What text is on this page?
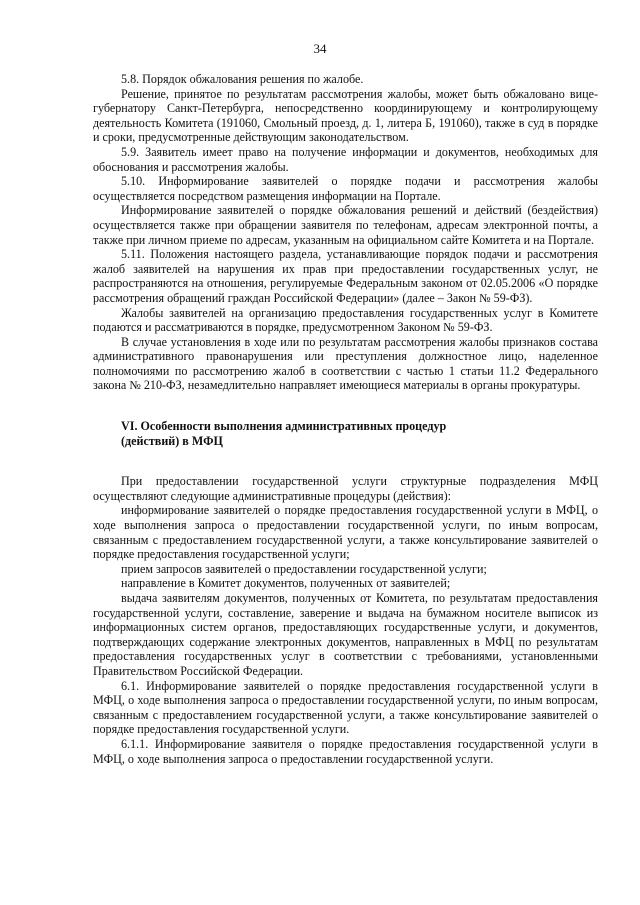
34

5.8. Порядок обжалования решения по жалобе.

Решение, принятое по результатам рассмотрения жалобы, может быть обжаловано вице-губернатору Санкт-Петербурга, непосредственно координирующему и контролирующему деятельность Комитета (191060, Смольный проезд, д. 1, литера Б, 191060), также в суд в порядке и сроки, предусмотренные действующим законодательством.

5.9. Заявитель имеет право на получение информации и документов, необходимых для обоснования и рассмотрения жалобы.

5.10. Информирование заявителей о порядке подачи и рассмотрения жалобы осуществляется посредством размещения информации на Портале.

Информирование заявителей о порядке обжалования решений и действий (бездействия) осуществляется также при обращении заявителя по телефонам, адресам электронной почты, а также при личном приеме по адресам, указанным на официальном сайте Комитета и на Портале.

5.11. Положения настоящего раздела, устанавливающие порядок подачи и рассмотрения жалоб заявителей на нарушения их прав при предоставлении государственных услуг, не распространяются на отношения, регулируемые Федеральным законом от 02.05.2006 «О порядке рассмотрения обращений граждан Российской Федерации» (далее – Закон № 59-ФЗ).

Жалобы заявителей на организацию предоставления государственных услуг в Комитете подаются и рассматриваются в порядке, предусмотренном Законом № 59-ФЗ.

В случае установления в ходе или по результатам рассмотрения жалобы признаков состава административного правонарушения или преступления должностное лицо, наделенное полномочиями по рассмотрению жалоб в соответствии с частью 1 статьи 11.2 Федерального закона № 210-ФЗ, незамедлительно направляет имеющиеся материалы в органы прокуратуры.

VI. Особенности выполнения административных процедур

(действий) в МФЦ

При предоставлении государственной услуги структурные подразделения МФЦ осуществляют следующие административные процедуры (действия):

информирование заявителей о порядке предоставления государственной услуги в МФЦ, о ходе выполнения запроса о предоставлении государственной услуги, по иным вопросам, связанным с предоставлением государственной услуги, а также консультирование заявителей о порядке предоставления государственной услуги;

прием запросов заявителей о предоставлении государственной услуги;

направление в Комитет документов, полученных от заявителей;

выдача заявителям документов, полученных от Комитета, по результатам предоставления государственной услуги, составление, заверение и выдача на бумажном носителе выписок из информационных систем органов, предоставляющих государственные услуги, и документов, подтверждающих содержание электронных документов, направленных в МФЦ по результатам предоставления государственных услуг в соответствии с требованиями, установленными Правительством Российской Федерации.

6.1. Информирование заявителей о порядке предоставления государственной услуги в МФЦ, о ходе выполнения запроса о предоставлении государственной услуги, по иным вопросам, связанным с предоставлением государственной услуги, а также консультирование заявителей о порядке предоставления государственной услуги.

6.1.1. Информирование заявителя о порядке предоставления государственной услуги в МФЦ, о ходе выполнения запроса о предоставлении государственной услуги.
